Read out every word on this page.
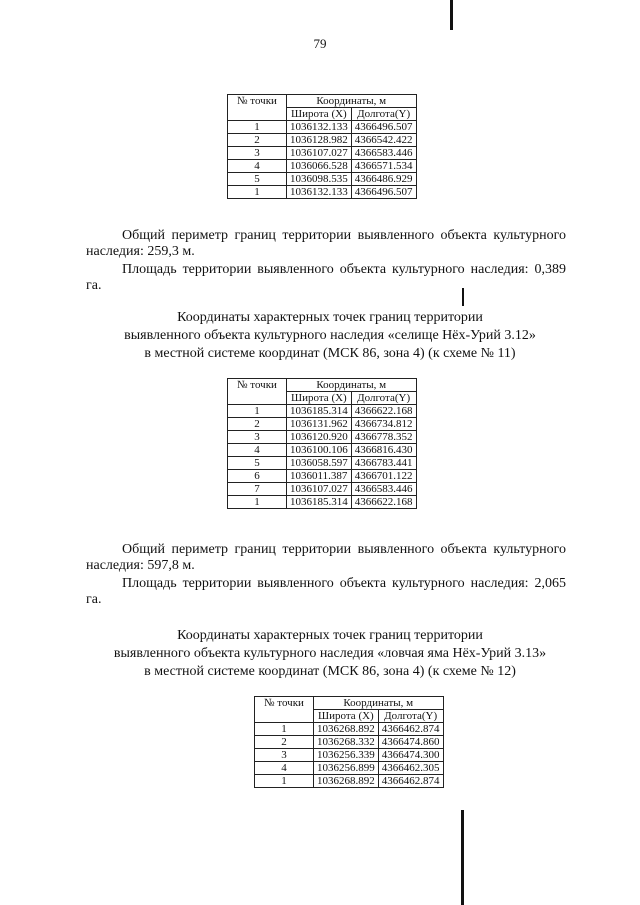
79
№ точки	Координаты, м	
	Широта (X)	Долгота(Y)
1	1036132.133	4366496.507
2	1036128.982	4366542.422
3	1036107.027	4366583.446
4	1036066.528	4366571.534
5	1036098.535	4366486.929
1	1036132.133	4366496.507

Общий периметр границ территории выявленного объекта культурного наследия: 259,3 м.

Площадь территории выявленного объекта культурного наследия: 0,389 га.

Координаты характерных точек границ территории

выявленного объекта культурного наследия «селище Нёх-Урий 3.12»

в местной системе координат (МСК 86, зона 4) (к схеме № 11)

№ точки	Координаты, м	
	Широта (X)	Долгота(Y)
1	1036185.314	4366622.168
2	1036131.962	4366734.812
3	1036120.920	4366778.352
4	1036100.106	4366816.430
5	1036058.597	4366783.441
6	1036011.387	4366701.122
7	1036107.027	4366583.446
1	1036185.314	4366622.168

Общий периметр границ территории выявленного объекта культурного наследия: 597,8 м.

Площадь территории выявленного объекта культурного наследия: 2,065 га.

Координаты характерных точек границ территории

выявленного объекта культурного наследия «ловчая яма Нёх-Урий 3.13»

в местной системе координат (МСК 86, зона 4) (к схеме № 12)

№ точки	Координаты, м	
	Широта (X)	Долгота(Y)
1	1036268.892	4366462.874
2	1036268.332	4366474.860
3	1036256.339	4366474.300
4	1036256.899	4366462.305
1	1036268.892	4366462.874
